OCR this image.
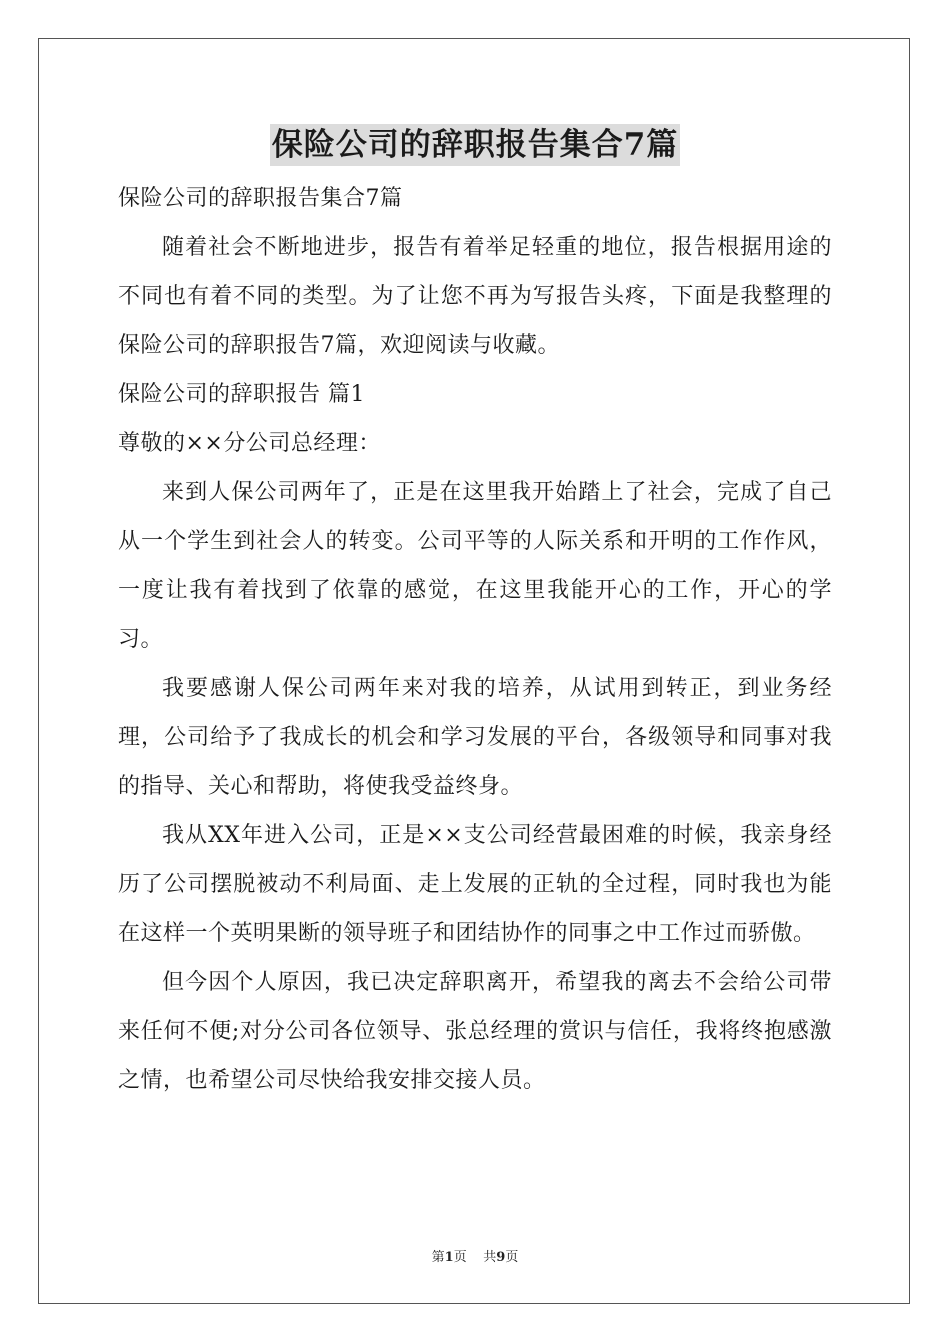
保险公司的辞职报告集合7篇
保险公司的辞职报告集合7篇
随着社会不断地进步，报告有着举足轻重的地位，报告根据用途的不同也有着不同的类型。为了让您不再为写报告头疼，下面是我整理的保险公司的辞职报告7篇，欢迎阅读与收藏。
保险公司的辞职报告 篇1
尊敬的××分公司总经理：
来到人保公司两年了，正是在这里我开始踏上了社会，完成了自己从一个学生到社会人的转变。公司平等的人际关系和开明的工作作风，一度让我有着找到了依靠的感觉，在这里我能开心的工作，开心的学习。
我要感谢人保公司两年来对我的培养，从试用到转正，到业务经理，公司给予了我成长的机会和学习发展的平台，各级领导和同事对我的指导、关心和帮助，将使我受益终身。
我从XX年进入公司，正是××支公司经营最困难的时候，我亲身经历了公司摆脱被动不利局面、走上发展的正轨的全过程，同时我也为能在这样一个英明果断的领导班子和团结协作的同事之中工作过而骄傲。
但今因个人原因，我已决定辞职离开，希望我的离去不会给公司带来任何不便;对分公司各位领导、张总经理的赏识与信任，我将终抱感激之情，也希望公司尽快给我安排交接人员。
第1页 共9页
